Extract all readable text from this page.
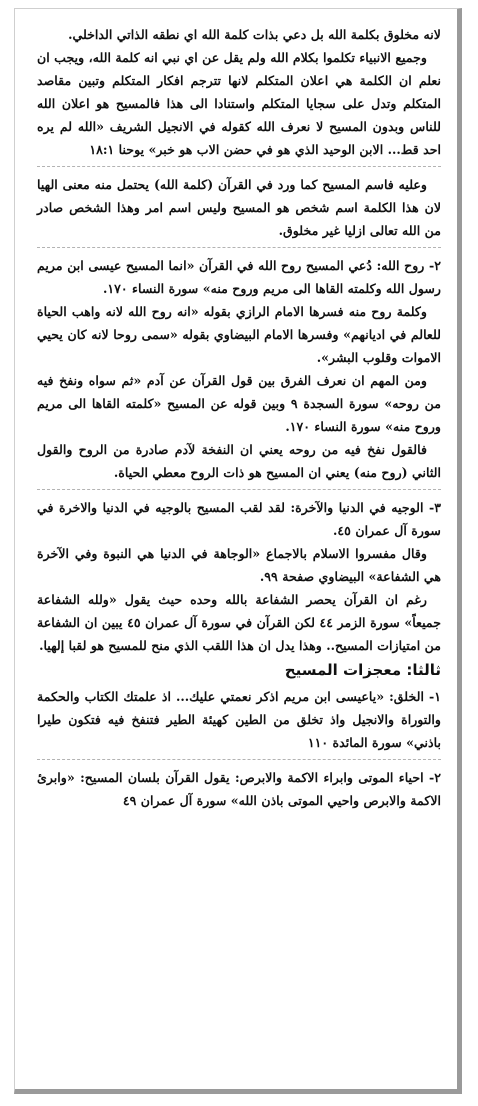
لانه مخلوق بكلمة الله بل دعي بذات كلمة الله اي نطقه الذاتي الداخلي.

وجميع الانبياء تكلموا بكلام الله ولم يقل عن اي نبي انه كلمة الله، ويجب ان نعلم ان الكلمة هي اعلان المتكلم لانها تترجم افكار المتكلم وتبين مقاصد المتكلم وتدل على سجايا المتكلم واستنادا الى هذا فالمسيح هو اعلان الله للناس وبدون المسيح لا نعرف الله كقوله في الانجيل الشريف «الله لم يره احد قط... الابن الوحيد الذي هو في حضن الاب هو خبر» يوحنا ١٨:١

وعليه فاسم المسيح كما ورد في القرآن (كلمة الله) يحتمل منه معنى الهيا لان هذا الكلمة اسم شخص هو المسيح وليس اسم امر وهذا الشخص صادر من الله تعالى ازليا غير مخلوق.

٢- روح الله: دُعي المسيح روح الله في القرآن «انما المسيح عيسى ابن مريم رسول الله وكلمته القاها الى مريم وروح منه» سورة النساء ١٧٠.

وكلمة روح منه فسرها الامام الرازي بقوله «انه روح الله لانه واهب الحياة للعالم في اديانهم» وفسرها الامام البيضاوي بقوله «سمى روحا لانه كان يحيي الاموات وقلوب البشر».

ومن المهم ان نعرف الفرق بين قول القرآن عن آدم «ثم سواه ونفخ فيه من روحه» سورة السجدة ٩ وبين قوله عن المسيح «كلمته القاها الى مريم وروح منه» سورة النساء ١٧٠.

فالقول نفخ فيه من روحه يعني ان النفخة لآدم صادرة من الروح والقول الثاني (روح منه) يعني ان المسيح هو ذات الروح معطي الحياة.

٣- الوجيه في الدنيا والآخرة: لقد لقب المسيح بالوجيه في الدنيا والاخرة في سورة آل عمران ٤٥.

وقال مفسروا الاسلام بالاجماع «الوجاهة في الدنيا هي النبوة وفي الآخرة هي الشفاعة» البيضاوي صفحة ٩٩.

رغم ان القرآن يحصر الشفاعة بالله وحده حيث يقول «ولله الشفاعة جميعاً» سورة الزمر ٤٤ لكن القرآن في سورة آل عمران ٤٥ يبين ان الشفاعة من امتيازات المسيح.. وهذا يدل ان هذا اللقب الذي منح للمسيح هو لقبا إلهيا.

ثالثا: معجزات المسيح

١- الخلق: «ياعيسى ابن مريم اذكر نعمتي عليك... اذ علمتك الكتاب والحكمة والتوراة والانجيل واذ تخلق من الطين كهيئة الطير فتنفخ فيه فتكون طيرا باذني» سورة المائدة ١١٠

٢- احياء الموتى وابراء الاكمة والابرص: يقول القرآن بلسان المسيح: «وابرئ الاكمة والابرص واحيي الموتى باذن الله» سورة آل عمران ٤٩
